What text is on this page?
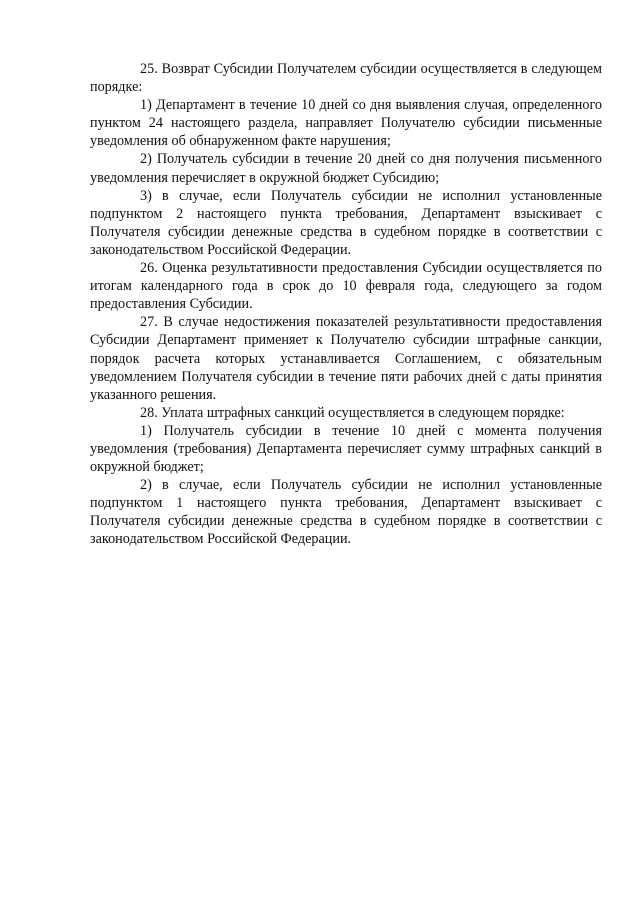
25. Возврат Субсидии Получателем субсидии осуществляется в следующем порядке:

1) Департамент в течение 10 дней со дня выявления случая, определенного пунктом 24 настоящего раздела, направляет Получателю субсидии письменные уведомления об обнаруженном факте нарушения;

2) Получатель субсидии в течение 20 дней со дня получения письменного уведомления перечисляет в окружной бюджет Субсидию;

3) в случае, если Получатель субсидии не исполнил установленные подпунктом 2 настоящего пункта требования, Департамент взыскивает с Получателя субсидии денежные средства в судебном порядке в соответствии с законодательством Российской Федерации.

26. Оценка результативности предоставления Субсидии осуществляется по итогам календарного года в срок до 10 февраля года, следующего за годом предоставления Субсидии.

27. В случае недостижения показателей результативности предоставления Субсидии Департамент применяет к Получателю субсидии штрафные санкции, порядок расчета которых устанавливается Соглашением, с обязательным уведомлением Получателя субсидии в течение пяти рабочих дней с даты принятия указанного решения.

28. Уплата штрафных санкций осуществляется в следующем порядке:

1) Получатель субсидии в течение 10 дней с момента получения уведомления (требования) Департамента перечисляет сумму штрафных санкций в окружной бюджет;

2) в случае, если Получатель субсидии не исполнил установленные подпунктом 1 настоящего пункта требования, Департамент взыскивает с Получателя субсидии денежные средства в судебном порядке в соответствии с законодательством Российской Федерации.
